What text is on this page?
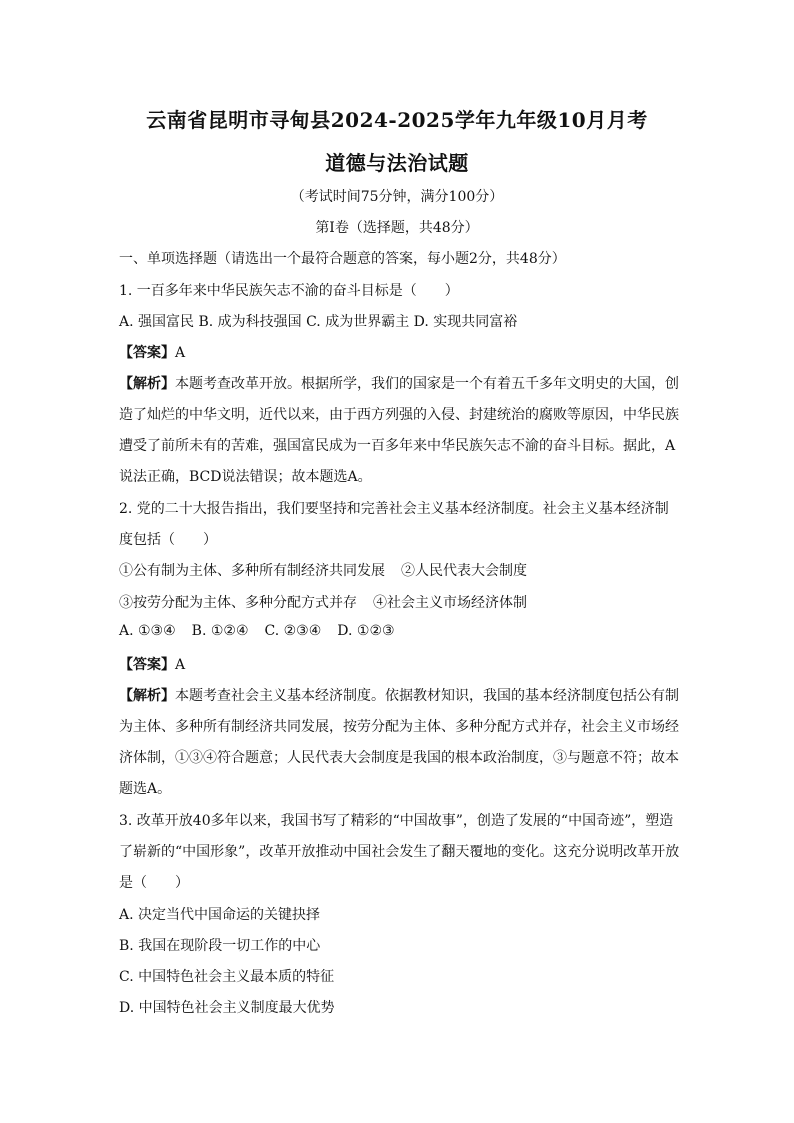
云南省昆明市寻甸县2024-2025学年九年级10月月考
道德与法治试题
（考试时间75分钟，满分100分）
第Ⅰ卷（选择题，共48分）
一、单项选择题（请选出一个最符合题意的答案，每小题2分，共48分）
1. 一百多年来中华民族矢志不渝的奋斗目标是（　　）
A. 强国富民 B. 成为科技强国 C. 成为世界霸主 D. 实现共同富裕
【答案】A
【解析】本题考查改革开放。根据所学，我们的国家是一个有着五千多年文明史的大国，创
造了灿烂的中华文明，近代以来，由于西方列强的入侵、封建统治的腐败等原因，中华民族
遭受了前所未有的苦难，强国富民成为一百多年来中华民族矢志不渝的奋斗目标。据此，A
说法正确，BCD说法错误；故本题选A。
2. 党的二十大报告指出，我们要坚持和完善社会主义基本经济制度。社会主义基本经济制
度包括（　　）
①公有制为主体、多种所有制经济共同发展 ②人民代表大会制度
③按劳分配为主体、多种分配方式并存 ④社会主义市场经济体制
A. ①③④ B. ①②④ C. ②③④ D. ①②③
【答案】A
【解析】本题考查社会主义基本经济制度。依据教材知识，我国的基本经济制度包括公有制
为主体、多种所有制经济共同发展，按劳分配为主体、多种分配方式并存，社会主义市场经
济体制，①③④符合题意；人民代表大会制度是我国的根本政治制度，③与题意不符；故本
题选A。
3. 改革开放40多年以来，我国书写了精彩的“中国故事”，创造了发展的“中国奇迹”，塑造
了崭新的“中国形象”，改革开放推动中国社会发生了翻天覆地的变化。这充分说明改革开放
是（　　）
A. 决定当代中国命运的关键抉择
B. 我国在现阶段一切工作的中心
C. 中国特色社会主义最本质的特征
D. 中国特色社会主义制度最大优势
